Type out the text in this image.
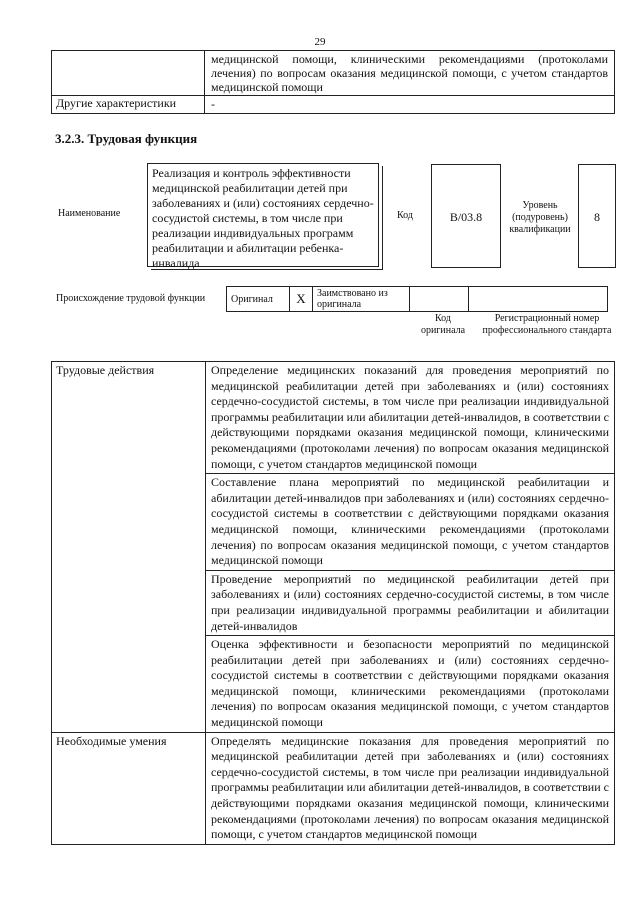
29
	медицинской помощи, клиническими рекомендациями (протоколами лечения) по вопросам оказания медицинской помощи, с учетом стандартов медицинской помощи
Другие характеристики	-
3.2.3. Трудовая функция
Наименование
Реализация и контроль эффективности медицинской реабилитации детей при заболеваниях и (или) состояниях сердечно-сосудистой системы, в том числе при реализации индивидуальных программ реабилитации и абилитации ребенка-инвалида
Код	В/03.8
Уровень (подуровень) квалификации
8
Происхождение трудовой функции	Оригинал	X	Заимствовано из оригинала		
Код оригинала
Регистрационный номер профессионального стандарта
Трудовые действия	Определение медицинских показаний для проведения мероприятий по медицинской реабилитации детей при заболеваниях и (или) состояниях сердечно-сосудистой системы, в том числе при реализации индивидуальной программы реабилитации или абилитации детей-инвалидов, в соответствии с действующими порядками оказания медицинской помощи, клиническими рекомендациями (протоколами лечения) по вопросам оказания медицинской помощи, с учетом стандартов медицинской помощи
	Составление плана мероприятий по медицинской реабилитации и абилитации детей-инвалидов при заболеваниях и (или) состояниях сердечно-сосудистой системы в соответствии с действующими порядками оказания медицинской помощи, клиническими рекомендациями (протоколами лечения) по вопросам оказания медицинской помощи, с учетом стандартов медицинской помощи
	Проведение мероприятий по медицинской реабилитации детей при заболеваниях и (или) состояниях сердечно-сосудистой системы, в том числе при реализации индивидуальной программы реабилитации и абилитации детей-инвалидов
	Оценка эффективности и безопасности мероприятий по медицинской реабилитации детей при заболеваниях и (или) состояниях сердечно-сосудистой системы в соответствии с действующими порядками оказания медицинской помощи, клиническими рекомендациями (протоколами лечения) по вопросам оказания медицинской помощи, с учетом стандартов медицинской помощи
Необходимые умения	Определять медицинские показания для проведения мероприятий по медицинской реабилитации детей при заболеваниях и (или) состояниях сердечно-сосудистой системы, в том числе при реализации индивидуальной программы реабилитации или абилитации детей-инвалидов, в соответствии с действующими порядками оказания медицинской помощи, клиническими рекомендациями (протоколами лечения) по вопросам оказания медицинской помощи, с учетом стандартов медицинской помощи
